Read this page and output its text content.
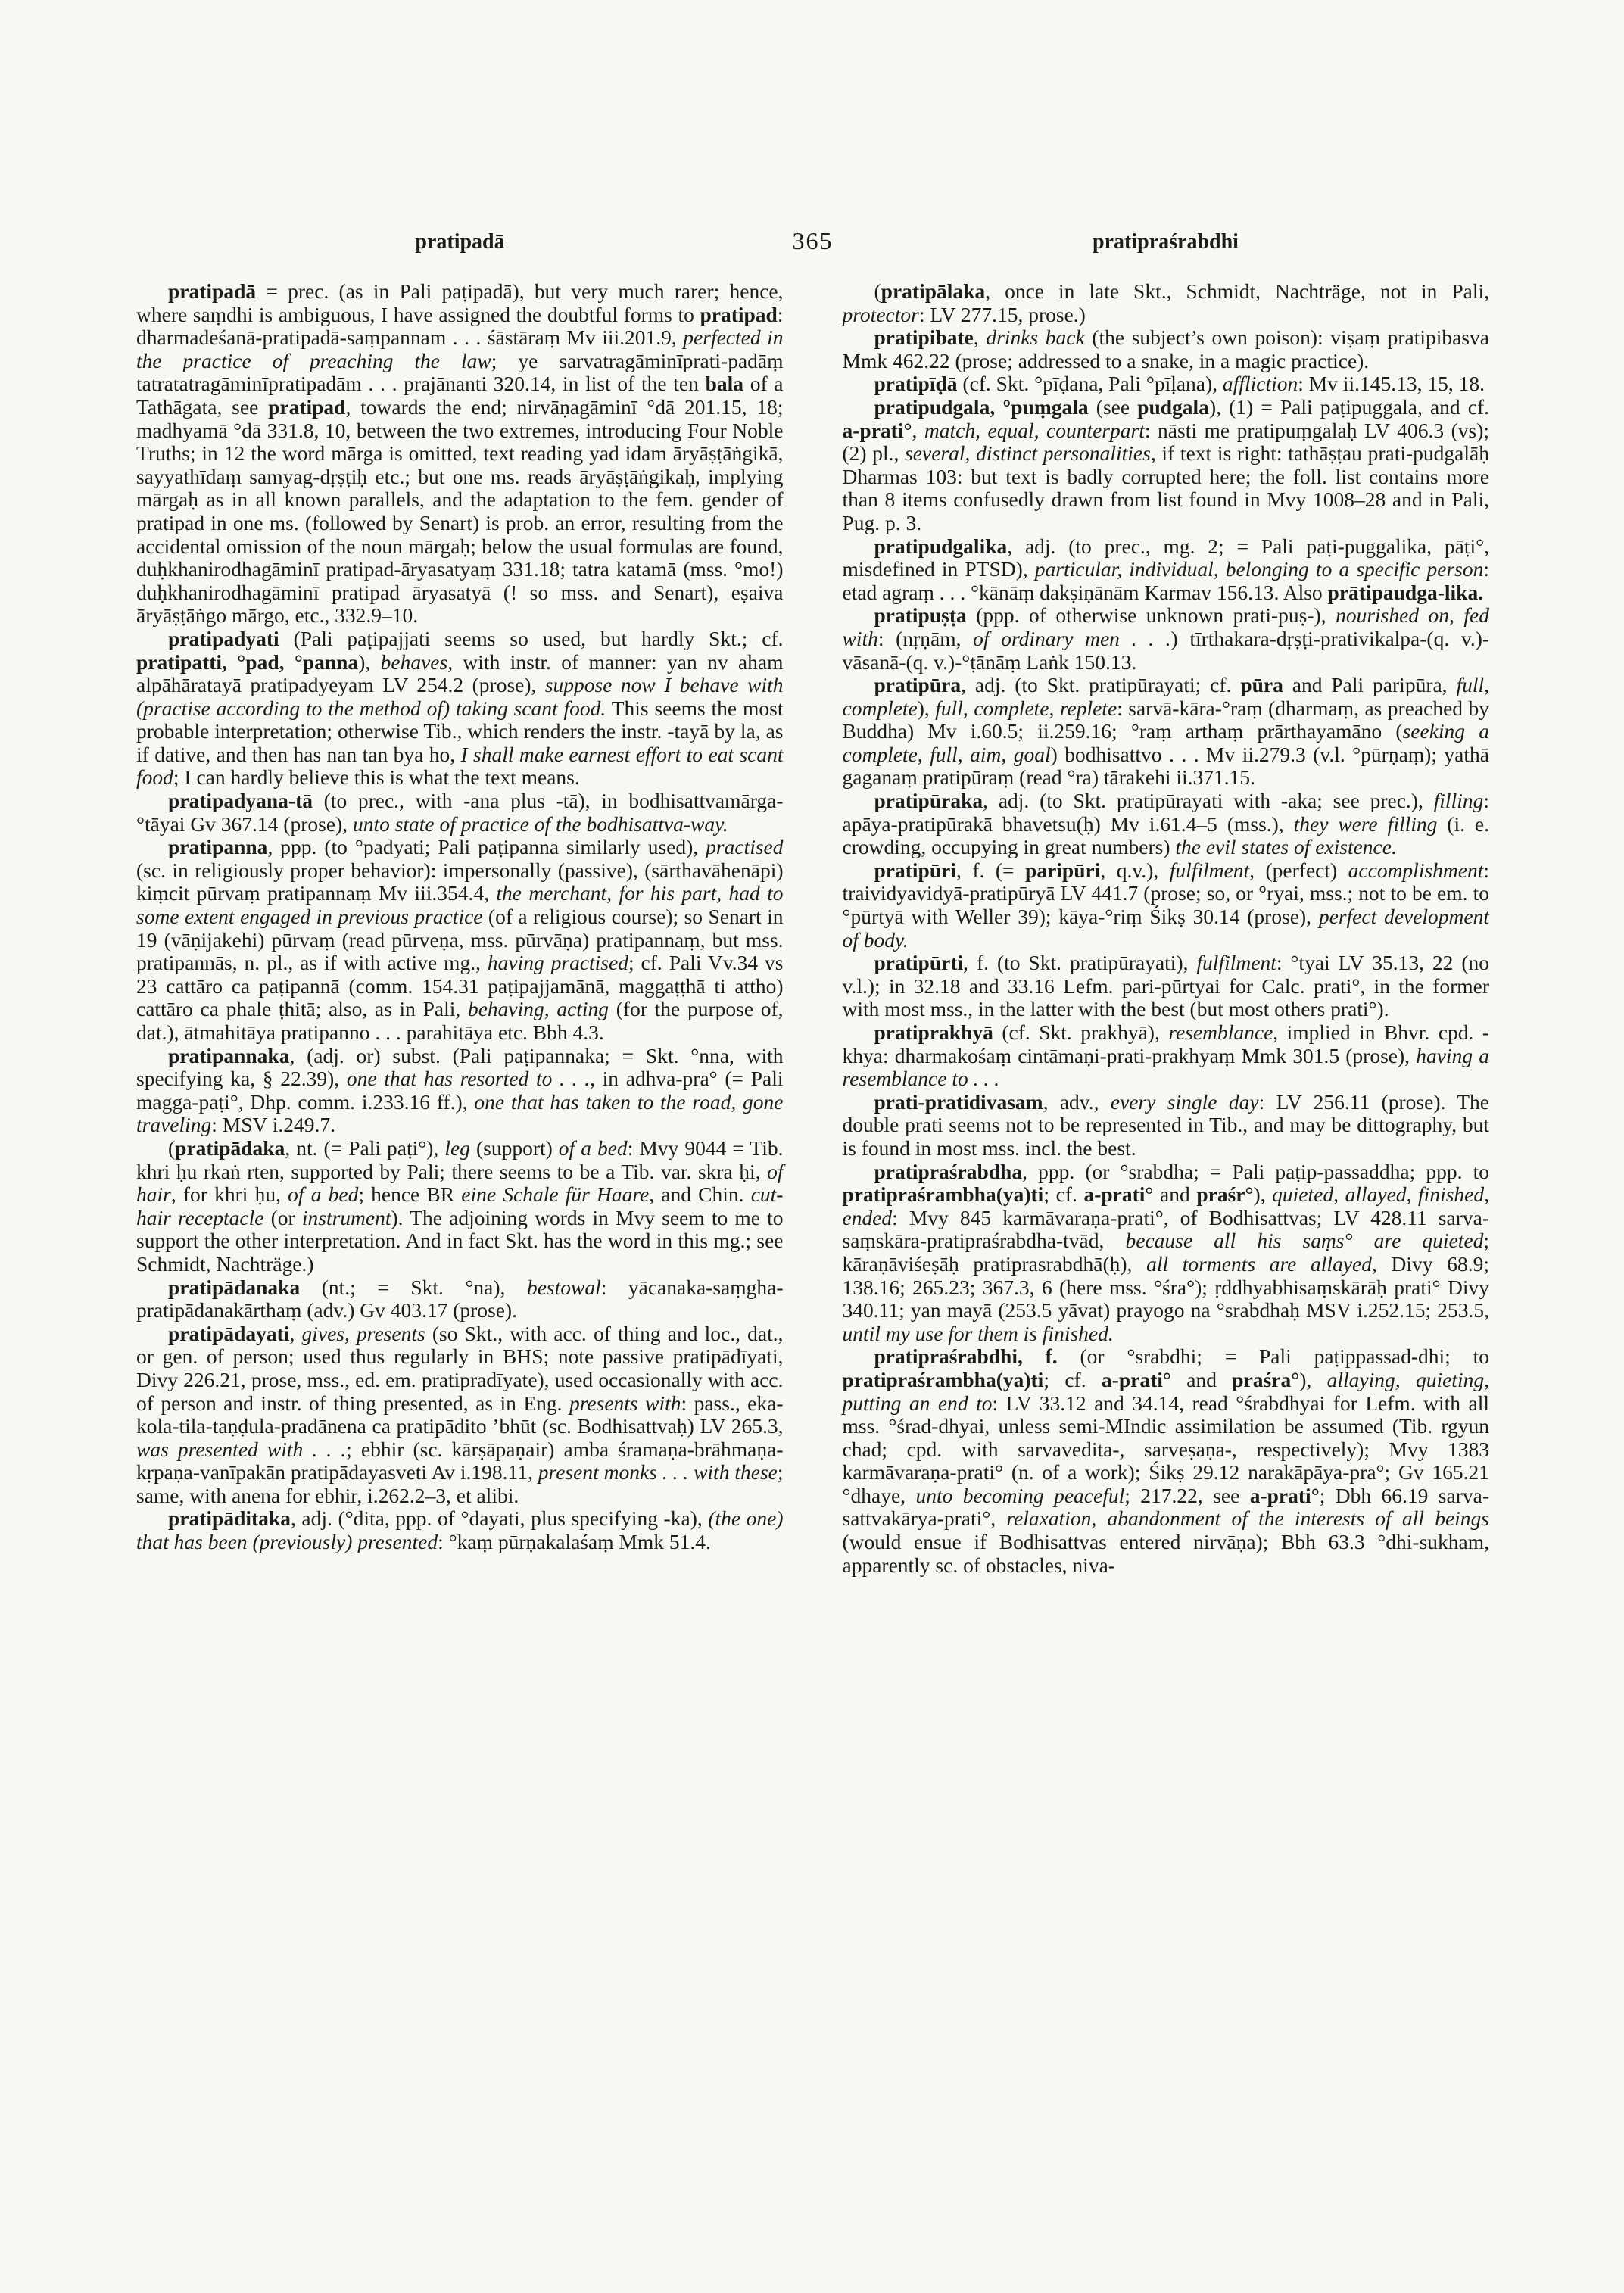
pratipadā	365	pratipraśrabdhi

pratipadā = prec. (as in Pali paṭipadā), but very much rarer; hence, where saṃdhi is ambiguous, I have assigned the doubtful forms to pratipad: dharmadeśanā-pratipadā-saṃpannam . . . śāstāraṃ Mv iii.201.9, perfected in the practice of preaching the law; ye sarvatragāminīprati-padāṃ tatratatragāminīpratipadām . . . prajānanti 320.14, in list of the ten bala of a Tathāgata, see pratipad, towards the end; nirvāṇagāminī °dā 201.15, 18; madhyamā °dā 331.8, 10, between the two extremes, introducing Four Noble Truths; in 12 the word mārga is omitted, text reading yad idam āryāṣṭāṅgikā, sayyathīdaṃ samyag-dṛṣṭiḥ etc.; but one ms. reads āryāṣṭāṅgikaḥ, implying mārgaḥ as in all known parallels, and the adaptation to the fem. gender of pratipad in one ms. (followed by Senart) is prob. an error, resulting from the accidental omission of the noun mārgaḥ; below the usual formulas are found, duḥkhanirodhagāminī pratipad-āryasatyaṃ 331.18; tatra katamā (mss. °mo!) duḥkhanirodhagāminī pratipad āryasatyā (! so mss. and Senart), eṣaiva āryāṣṭāṅgo mārgo, etc., 332.9–10.

pratipadyati (Pali paṭipajjati seems so used, but hardly Skt.; cf. pratipatti, °pad, °panna), behaves, with instr. of manner: yan nv aham alpāhāratayā pratipadyeyam LV 254.2 (prose), suppose now I behave with (practise according to the method of) taking scant food. This seems the most probable interpretation; otherwise Tib., which renders the instr. -tayā by la, as if dative, and then has nan tan bya ho, I shall make earnest effort to eat scant food; I can hardly believe this is what the text means.

pratipadyana-tā (to prec., with -ana plus -tā), in bodhisattvamārga-°tāyai Gv 367.14 (prose), unto state of practice of the bodhisattva-way.

pratipanna, ppp. (to °padyati; Pali paṭipanna similarly used), practised (sc. in religiously proper behavior): impersonally (passive), (sārthavāhenāpi) kiṃcit pūrvaṃ pratipannaṃ Mv iii.354.4, the merchant, for his part, had to some extent engaged in previous practice (of a religious course); so Senart in 19 (vāṇijakehi) pūrvaṃ (read pūrveṇa, mss. pūrvāṇa) pratipannaṃ, but mss. pratipannās, n. pl., as if with active mg., having practised; cf. Pali Vv.34 vs 23 cattāro ca paṭipannā (comm. 154.31 paṭipajjamānā, maggaṭṭhā ti attho) cattāro ca phale ṭhitā; also, as in Pali, behaving, acting (for the purpose of, dat.), ātmahitāya pratipanno . . . parahitāya etc. Bbh 4.3.

pratipannaka, (adj. or) subst. (Pali paṭipannaka; = Skt. °nna, with specifying ka, § 22.39), one that has resorted to . . ., in adhva-pra° (= Pali magga-paṭi°, Dhp. comm. i.233.16 ff.), one that has taken to the road, gone traveling: MSV i.249.7.

(pratipādaka, nt. (= Pali paṭi°), leg (support) of a bed: Mvy 9044 = Tib. khri ḥu rkaṅ rten, supported by Pali; there seems to be a Tib. var. skra ḥi, of hair, for khri ḥu, of a bed; hence BR eine Schale für Haare, and Chin. cut-hair receptacle (or instrument). The adjoining words in Mvy seem to me to support the other interpretation. And in fact Skt. has the word in this mg.; see Schmidt, Nachträge.)

pratipādanaka (nt.; = Skt. °na), bestowal: yācanaka-saṃgha-pratipādanakārthaṃ (adv.) Gv 403.17 (prose).

pratipādayati, gives, presents (so Skt., with acc. of thing and loc., dat., or gen. of person; used thus regularly in BHS; note passive pratipādīyati, Divy 226.21, prose, mss., ed. em. pratipradīyate), used occasionally with acc. of person and instr. of thing presented, as in Eng. presents with: pass., eka-kola-tila-taṇḍula-pradānena ca pratipādito ’bhūt (sc. Bodhisattvaḥ) LV 265.3, was presented with . . .; ebhir (sc. kārṣāpaṇair) amba śramaṇa-brāhmaṇa-kṛpaṇa-vanīpakān pratipādayasveti Av i.198.11, present monks . . . with these; same, with anena for ebhir, i.262.2–3, et alibi.

pratipāditaka, adj. (°dita, ppp. of °dayati, plus specifying -ka), (the one) that has been (previously) presented: °kaṃ pūrṇakalaśaṃ Mmk 51.4.

(pratipālaka, once in late Skt., Schmidt, Nachträge, not in Pali, protector: LV 277.15, prose.)

pratipibate, drinks back (the subject’s own poison): viṣaṃ pratipibasva Mmk 462.22 (prose; addressed to a snake, in a magic practice).

pratipīḍā (cf. Skt. °pīḍana, Pali °pīḷana), affliction: Mv ii.145.13, 15, 18.

pratipudgala, °puṃgala (see pudgala), (1) = Pali paṭipuggala, and cf. a-prati°, match, equal, counterpart: nāsti me pratipuṃgalaḥ LV 406.3 (vs); (2) pl., several, distinct personalities, if text is right: tathāṣṭau prati-pudgalāḥ Dharmas 103: but text is badly corrupted here; the foll. list contains more than 8 items confusedly drawn from list found in Mvy 1008–28 and in Pali, Pug. p. 3.

pratipudgalika, adj. (to prec., mg. 2; = Pali paṭi-puggalika, pāṭi°, misdefined in PTSD), particular, individual, belonging to a specific person: etad agraṃ . . . °kānāṃ dakṣiṇānām Karmav 156.13. Also prātipaudga-lika.

pratipuṣṭa (ppp. of otherwise unknown prati-puṣ-), nourished on, fed with: (nṛṇām, of ordinary men . . .) tīrthakara-dṛṣṭi-prativikalpa-(q. v.)-vāsanā-(q. v.)-°ṭānāṃ Laṅk 150.13.

pratipūra, adj. (to Skt. pratipūrayati; cf. pūra and Pali paripūra, full, complete), full, complete, replete: sarvā-kāra-°raṃ (dharmaṃ, as preached by Buddha) Mv i.60.5; ii.259.16; °raṃ arthaṃ prārthayamāno (seeking a complete, full, aim, goal) bodhisattvo . . . Mv ii.279.3 (v.l. °pūrṇaṃ); yathā gaganaṃ pratipūraṃ (read °ra) tārakehi ii.371.15.

pratipūraka, adj. (to Skt. pratipūrayati with -aka; see prec.), filling: apāya-pratipūrakā bhavetsu(ḥ) Mv i.61.4–5 (mss.), they were filling (i. e. crowding, occupying in great numbers) the evil states of existence.

pratipūri, f. (= paripūri, q.v.), fulfilment, (perfect) accomplishment: traividyavidyā-pratipūryā LV 441.7 (prose; so, or °ryai, mss.; not to be em. to °pūrtyā with Weller 39); kāya-°riṃ Śikṣ 30.14 (prose), perfect development of body.

pratipūrti, f. (to Skt. pratipūrayati), fulfilment: °tyai LV 35.13, 22 (no v.l.); in 32.18 and 33.16 Lefm. pari-pūrtyai for Calc. prati°, in the former with most mss., in the latter with the best (but most others prati°).

pratiprakhyā (cf. Skt. prakhyā), resemblance, implied in Bhvr. cpd. -khya: dharmakośaṃ cintāmaṇi-prati-prakhyaṃ Mmk 301.5 (prose), having a resemblance to . . .

prati-pratidivasam, adv., every single day: LV 256.11 (prose). The double prati seems not to be represented in Tib., and may be dittography, but is found in most mss. incl. the best.

pratipraśrabdha, ppp. (or °srabdha; = Pali paṭip-passaddha; ppp. to pratipraśrambha(ya)ti; cf. a-prati° and praśr°), quieted, allayed, finished, ended: Mvy 845 karmāvaraṇa-prati°, of Bodhisattvas; LV 428.11 sarva-saṃskāra-pratipraśrabdha-tvād, because all his saṃs° are quieted; kāraṇāviśeṣāḥ pratiprasrabdhā(ḥ), all torments are allayed, Divy 68.9; 138.16; 265.23; 367.3, 6 (here mss. °śra°); ṛddhyabhisaṃskārāḥ prati° Divy 340.11; yan mayā (253.5 yāvat) prayogo na °srabdhaḥ MSV i.252.15; 253.5, until my use for them is finished.

pratipraśrabdhi, f. (or °srabdhi; = Pali paṭippassad-dhi; to pratipraśrambha(ya)ti; cf. a-prati° and praśra°), allaying, quieting, putting an end to: LV 33.12 and 34.14, read °śrabdhyai for Lefm. with all mss. °śrad-dhyai, unless semi-MIndic assimilation be assumed (Tib. rgyun chad; cpd. with sarvavedita-, sarveṣaṇa-, respectively); Mvy 1383 karmāvaraṇa-prati° (n. of a work); Śikṣ 29.12 narakāpāya-pra°; Gv 165.21 °dhaye, unto becoming peaceful; 217.22, see a-prati°; Dbh 66.19 sarva-sattvakārya-prati°, relaxation, abandonment of the interests of all beings (would ensue if Bodhisattvas entered nirvāṇa); Bbh 63.3 °dhi-sukham, apparently sc. of obstacles, niva-
